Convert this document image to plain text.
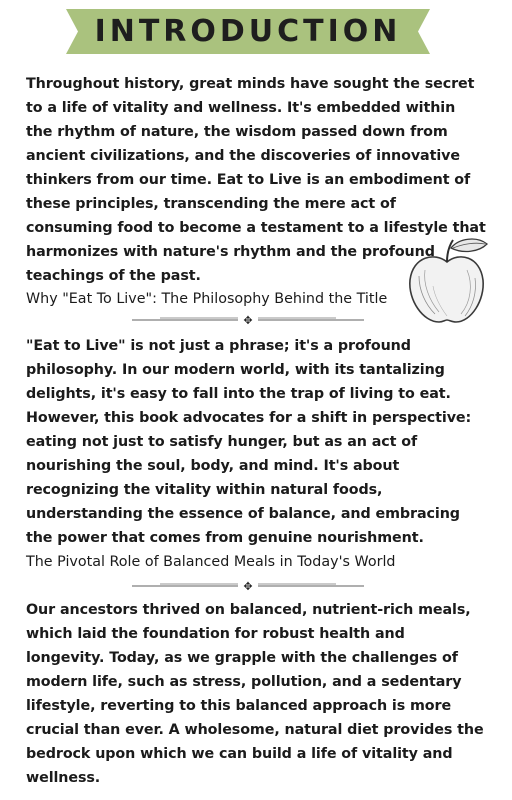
INTRODUCTION

Throughout history, great minds have sought the secret to a life of vitality and wellness. It's embedded within the rhythm of nature, the wisdom passed down from ancient civilizations, and the discoveries of innovative thinkers from our time. Eat to Live is an embodiment of these principles, transcending the mere act of consuming food to become a testament to a lifestyle that harmonizes with nature's rhythm and the profound teachings of the past.

Why "Eat To Live": The Philosophy Behind the Title

✥

"Eat to Live" is not just a phrase; it's a profound philosophy. In our modern world, with its tantalizing delights, it's easy to fall into the trap of living to eat. However, this book advocates for a shift in perspective: eating not just to satisfy hunger, but as an act of nourishing the soul, body, and mind. It's about recognizing the vitality within natural foods, understanding the essence of balance, and embracing the power that comes from genuine nourishment.

The Pivotal Role of Balanced Meals in Today's World

✥

Our ancestors thrived on balanced, nutrient-rich meals, which laid the foundation for robust health and longevity. Today, as we grapple with the challenges of modern life, such as stress, pollution, and a sedentary lifestyle, reverting to this balanced approach is more crucial than ever. A wholesome, natural diet provides the bedrock upon which we can build a life of vitality and wellness.
